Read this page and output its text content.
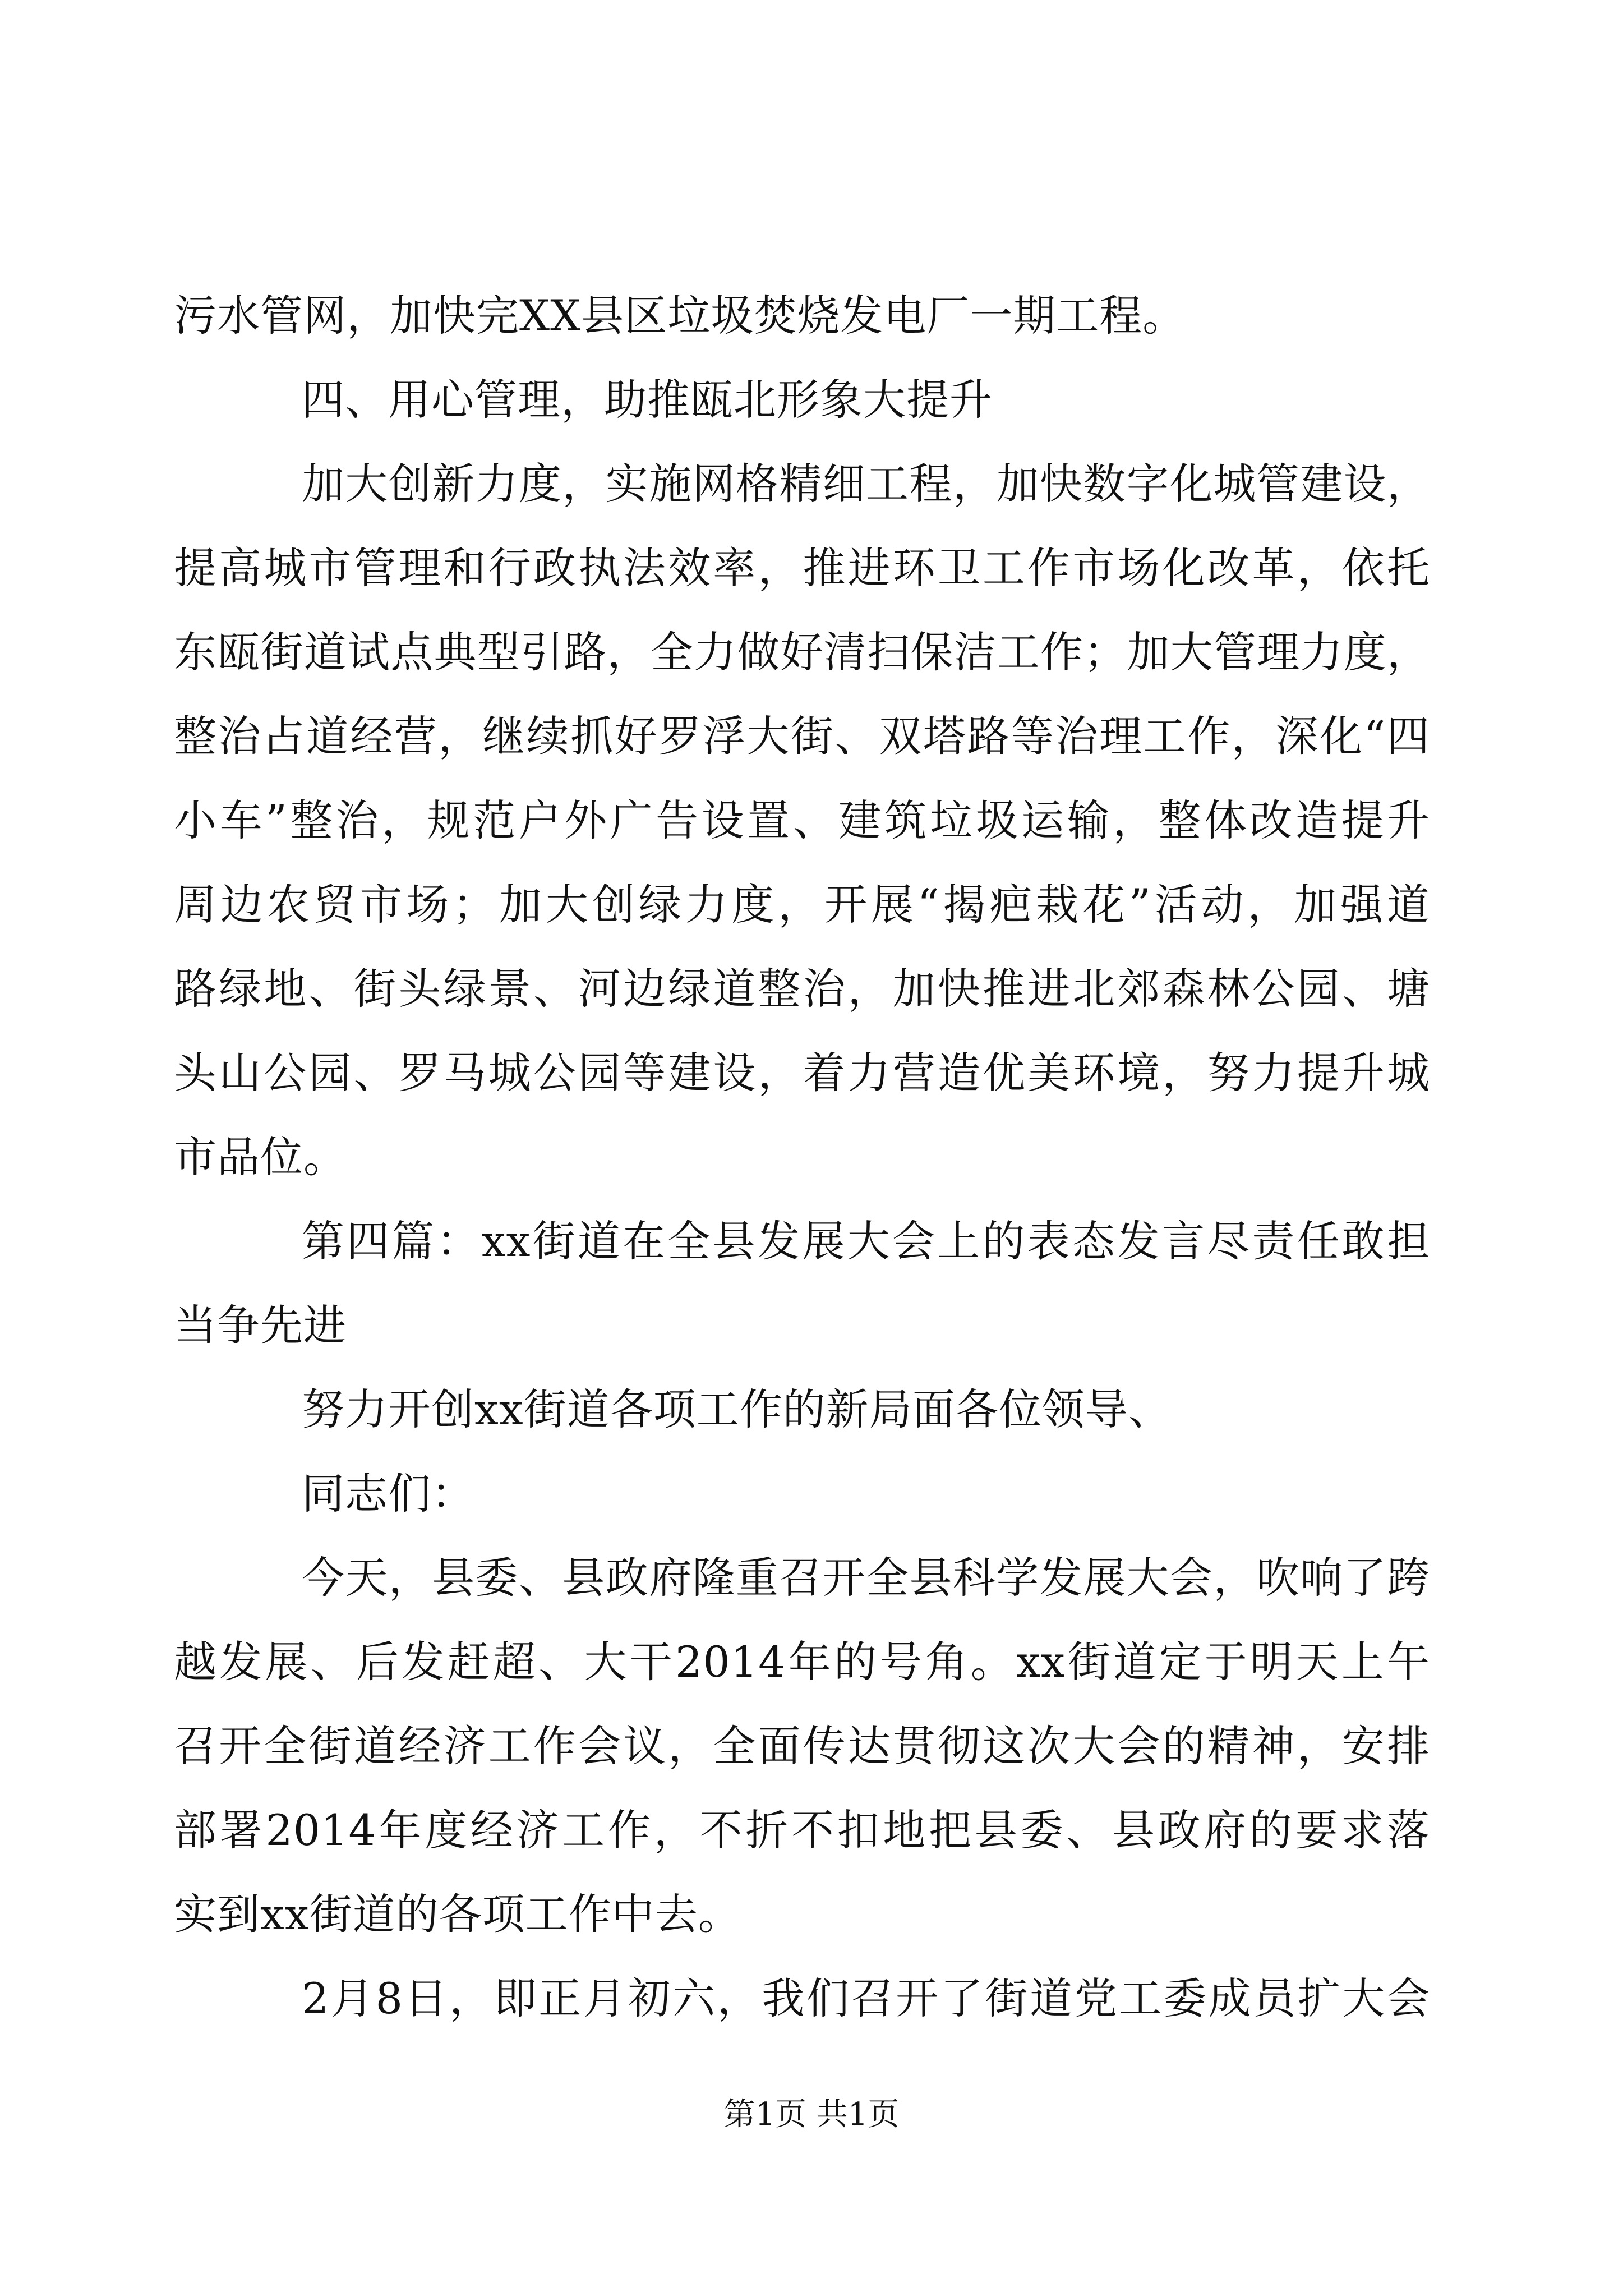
污水管网，加快完XX县区垃圾焚烧发电厂一期工程。
四、用心管理，助推瓯北形象大提升
加大创新力度，实施网格精细工程，加快数字化城管建设，
提高城市管理和行政执法效率，推进环卫工作市场化改革，依托
东瓯街道试点典型引路，全力做好清扫保洁工作；加大管理力度，
整治占道经营，继续抓好罗浮大街、双塔路等治理工作，深化“四
小车”整治，规范户外广告设置、建筑垃圾运输，整体改造提升
周边农贸市场；加大创绿力度，开展“揭疤栽花”活动，加强道
路绿地、街头绿景、河边绿道整治，加快推进北郊森林公园、塘
头山公园、罗马城公园等建设，着力营造优美环境，努力提升城
市品位。
第四篇：xx街道在全县发展大会上的表态发言尽责任敢担
当争先进
努力开创xx街道各项工作的新局面各位领导、
同志们：
今天，县委、县政府隆重召开全县科学发展大会，吹响了跨
越发展、后发赶超、大干2014年的号角。xx街道定于明天上午
召开全街道经济工作会议，全面传达贯彻这次大会的精神，安排
部署2014年度经济工作，不折不扣地把县委、县政府的要求落
实到xx街道的各项工作中去。
2月8日，即正月初六，我们召开了街道党工委成员扩大会
第1页 共1页
